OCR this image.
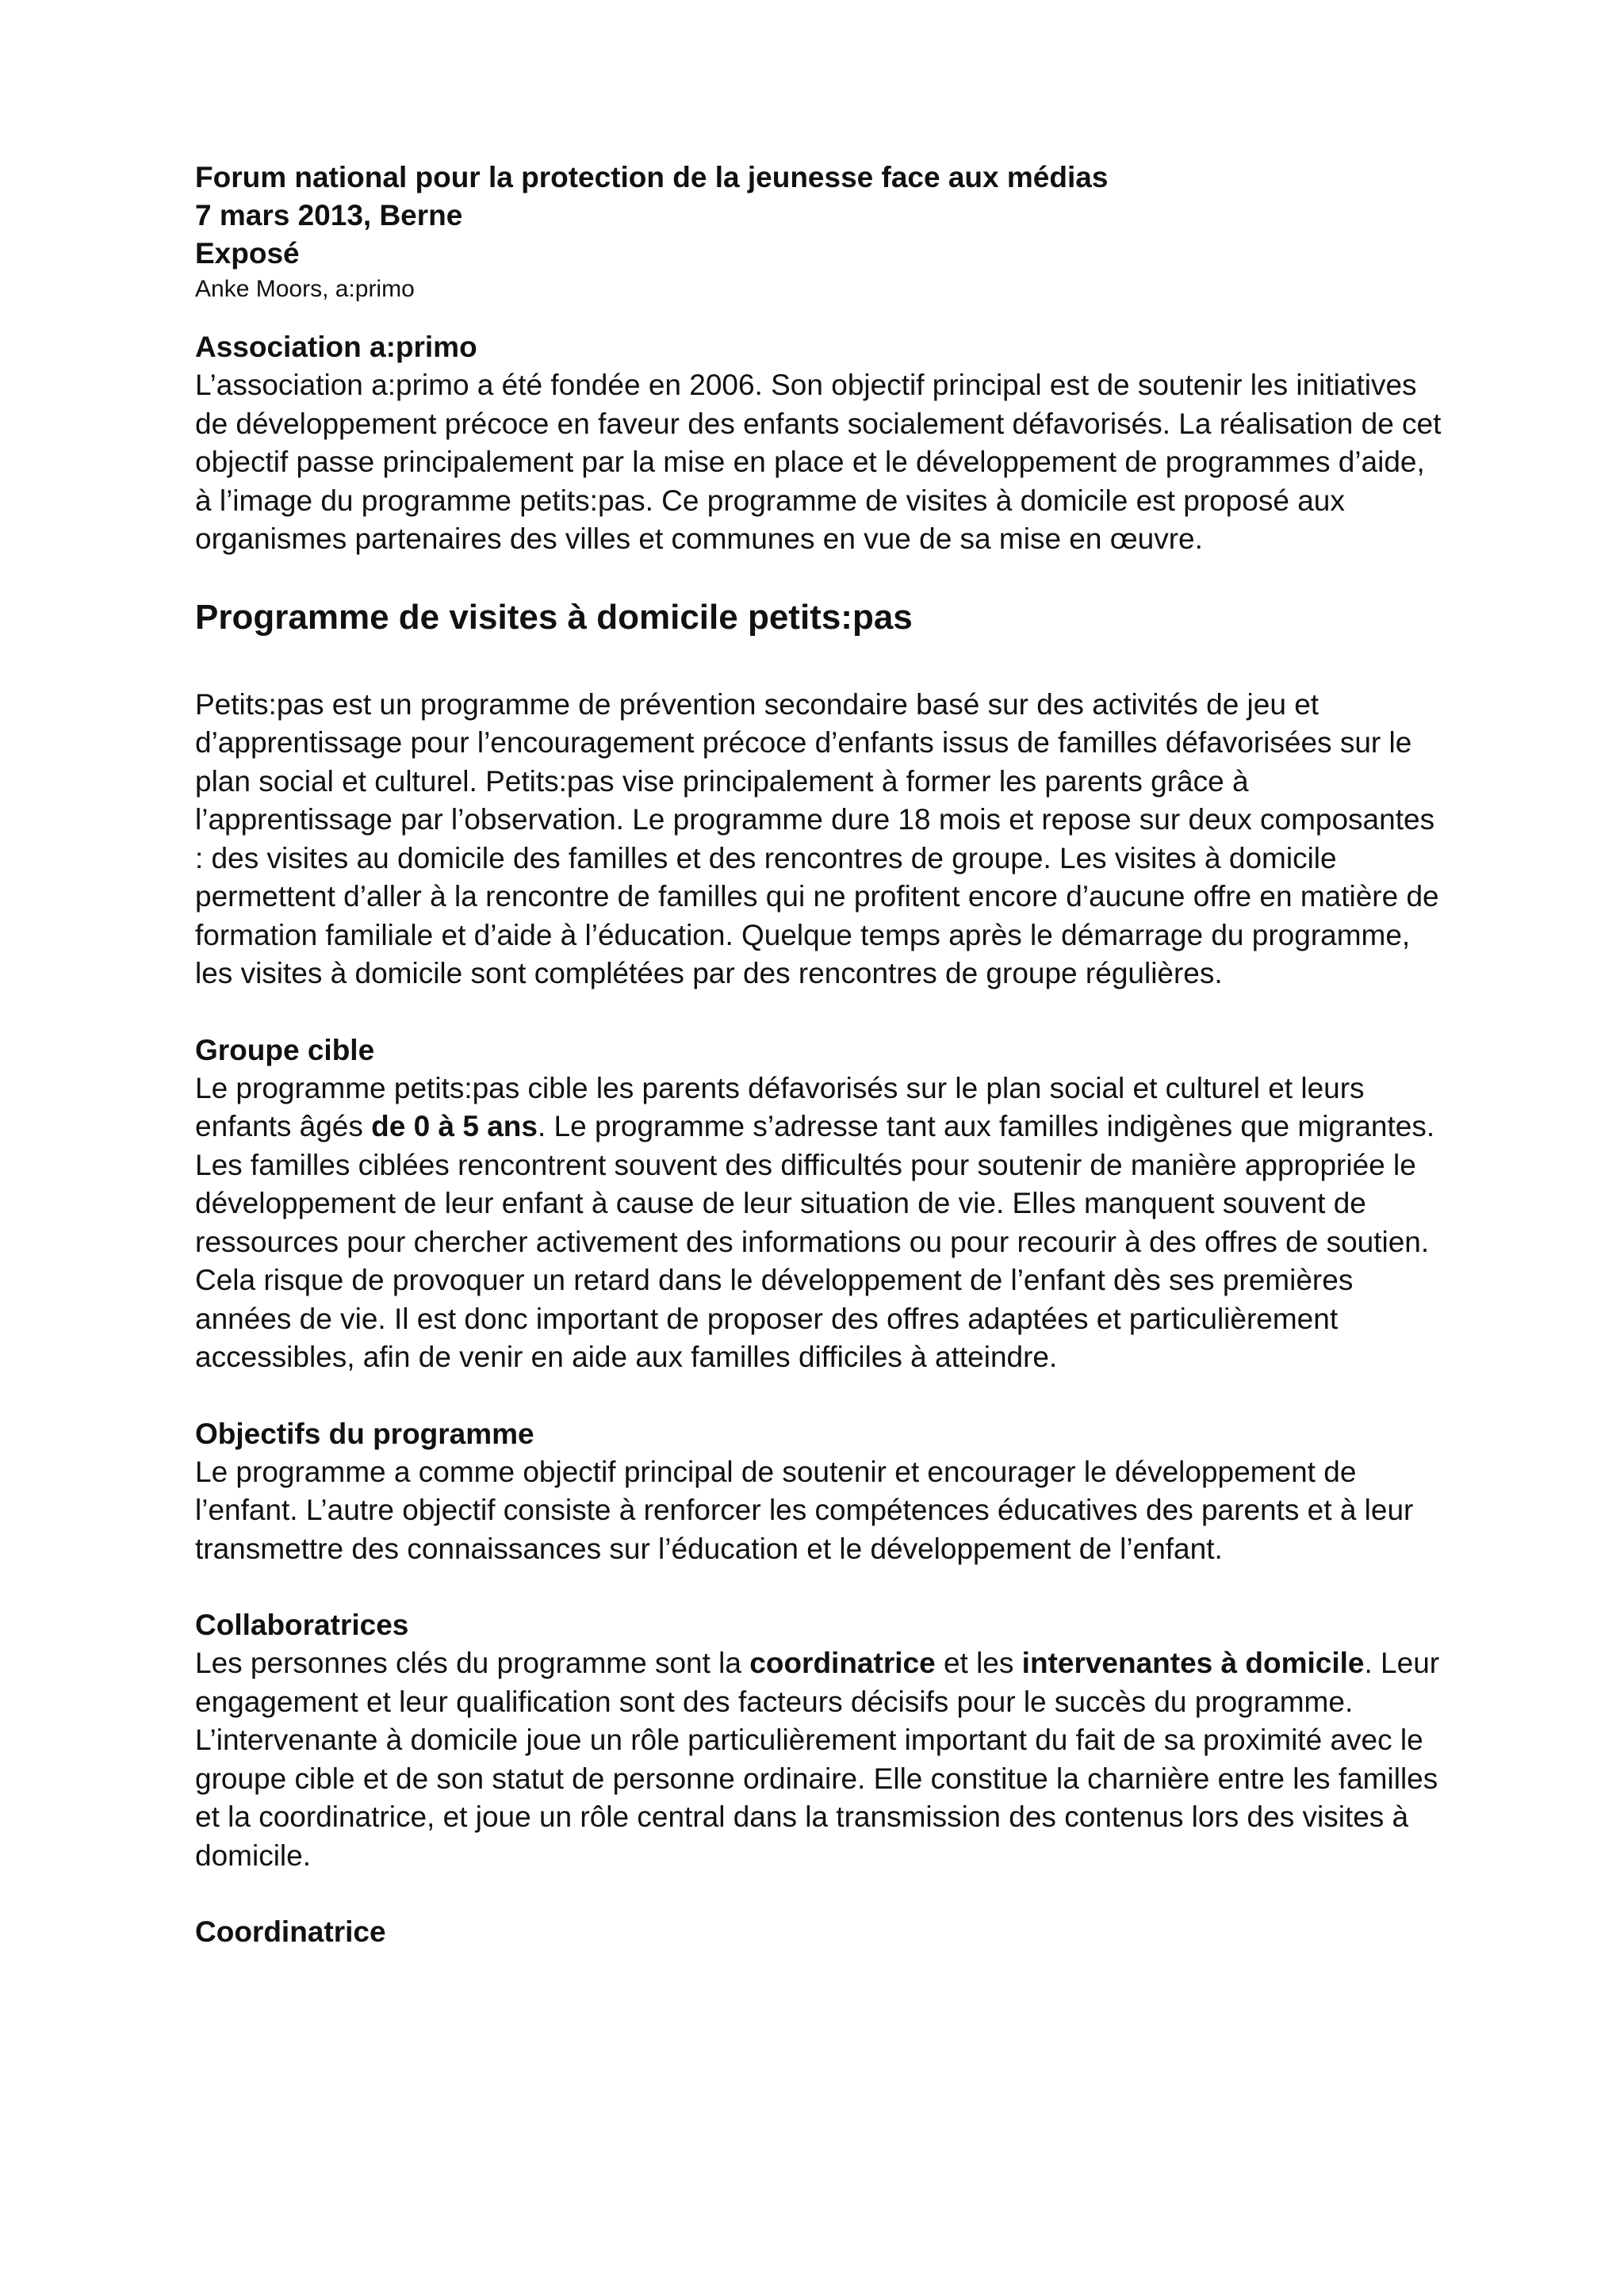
Forum national pour la protection de la jeunesse face aux médias

7 mars 2013, Berne

Exposé

Anke Moors, a:primo

Association a:primo

L’association a:primo a été fondée en 2006. Son objectif principal est de soutenir les initiatives de développement précoce en faveur des enfants socialement défavorisés. La réalisation de cet objectif passe principalement par la mise en place et le développement de programmes d’aide, à l’image du programme petits:pas. Ce programme de visites à domicile est proposé aux organismes partenaires des villes et communes en vue de sa mise en œuvre.

Programme de visites à domicile petits:pas

Petits:pas est un programme de prévention secondaire basé sur des activités de jeu et d’apprentissage pour l’encouragement précoce d’enfants issus de familles défavorisées sur le plan social et culturel. Petits:pas vise principalement à former les parents grâce à l’apprentissage par l’observation. Le programme dure 18 mois et repose sur deux composantes : des visites au domicile des familles et des rencontres de groupe. Les visites à domicile permettent d’aller à la rencontre de familles qui ne profitent encore d’aucune offre en matière de formation familiale et d’aide à l’éducation. Quelque temps après le démarrage du programme, les visites à domicile sont complétées par des rencontres de groupe régulières.

Groupe cible

Le programme petits:pas cible les parents défavorisés sur le plan social et culturel et leurs enfants âgés de 0 à 5 ans. Le programme s’adresse tant aux familles indigènes que migrantes. Les familles ciblées rencontrent souvent des difficultés pour soutenir de manière appropriée le développement de leur enfant à cause de leur situation de vie. Elles manquent souvent de ressources pour chercher activement des informations ou pour recourir à des offres de soutien. Cela risque de provoquer un retard dans le développement de l’enfant dès ses premières années de vie. Il est donc important de proposer des offres adaptées et particulièrement accessibles, afin de venir en aide aux familles difficiles à atteindre.

Objectifs du programme

Le programme a comme objectif principal de soutenir et encourager le développement de l’enfant. L’autre objectif consiste à renforcer les compétences éducatives des parents et à leur transmettre des connaissances sur l’éducation et le développement de l’enfant.

Collaboratrices

Les personnes clés du programme sont la coordinatrice et les intervenantes à domicile. Leur engagement et leur qualification sont des facteurs décisifs pour le succès du programme. L’intervenante à domicile joue un rôle particulièrement important du fait de sa proximité avec le groupe cible et de son statut de personne ordinaire. Elle constitue la charnière entre les familles et la coordinatrice, et joue un rôle central dans la transmission des contenus lors des visites à domicile.

Coordinatrice
